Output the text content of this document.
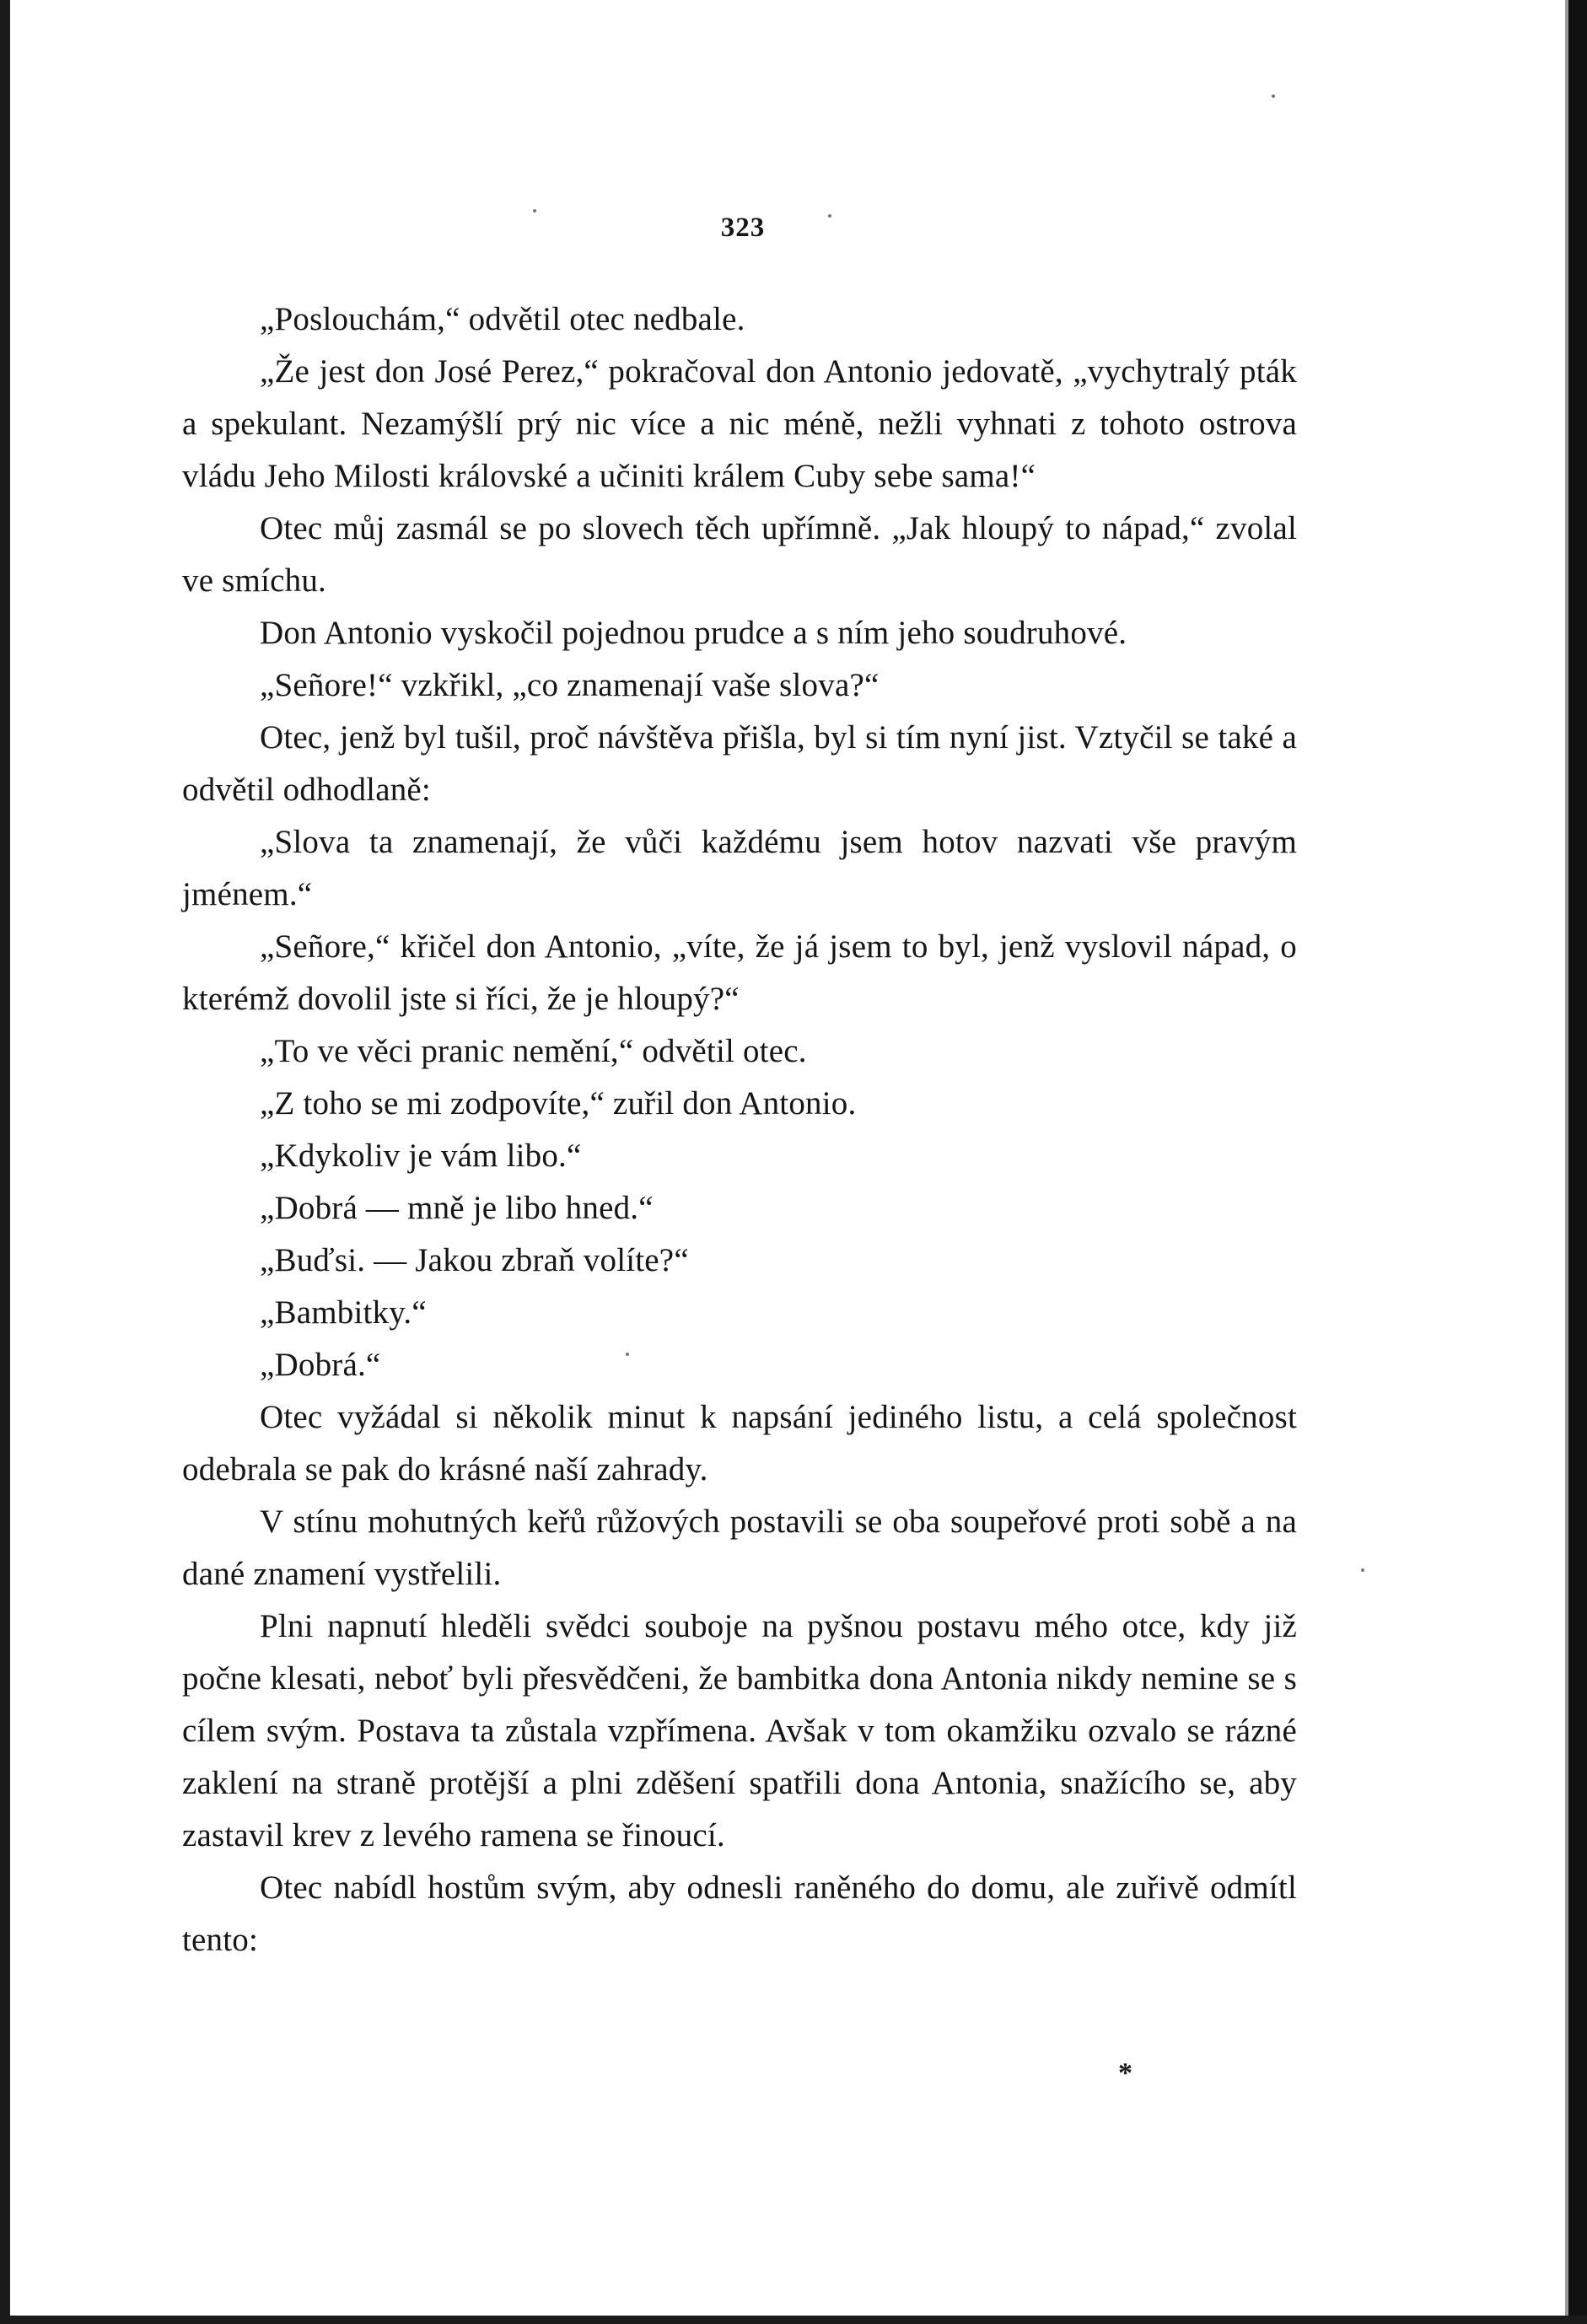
323

„Poslouchám,“ odvětil otec nedbale.

„Že jest don José Perez,“ pokračoval don Antonio jedovatě, „vychytralý pták a spekulant. Nezamýšlí prý nic více a nic méně, nežli vyhnati z tohoto ostrova vládu Jeho Milosti královské a učiniti králem Cuby sebe sama!“

Otec můj zasmál se po slovech těch upřímně. „Jak hloupý to nápad,“ zvolal ve smíchu.

Don Antonio vyskočil pojednou prudce a s ním jeho soudruhové.

„Señore!“ vzkřikl, „co znamenají vaše slova?“

Otec, jenž byl tušil, proč návštěva přišla, byl si tím nyní jist. Vztyčil se také a odvětil odhodlaně:

„Slova ta znamenají, že vůči každému jsem hotov nazvati vše pravým jménem.“

„Señore,“ křičel don Antonio, „víte, že já jsem to byl, jenž vyslovil nápad, o kterémž dovolil jste si říci, že je hloupý?“

„To ve věci pranic nemění,“ odvětil otec.

„Z toho se mi zodpovíte,“ zuřil don Antonio.

„Kdykoliv je vám libo.“

„Dobrá — mně je libo hned.“

„Buďsi. — Jakou zbraň volíte?“

„Bambitky.“

„Dobrá.“

Otec vyžádal si několik minut k napsání jediného listu, a celá společnost odebrala se pak do krásné naší zahrady.

V stínu mohutných keřů růžových postavili se oba soupeřové proti sobě a na dané znamení vystřelili.

Plni napnutí hleděli svědci souboje na pyšnou postavu mého otce, kdy již počne klesati, neboť byli přesvědčeni, že bambitka dona Antonia nikdy nemine se s cílem svým. Postava ta zůstala vzpřímena. Avšak v tom okamžiku ozvalo se rázné zaklení na straně protější a plni zděšení spatřili dona Antonia, snažícího se, aby zastavil krev z levého ramena se řinoucí.

Otec nabídl hostům svým, aby odnesli raněného do domu, ale zuřivě odmítl tento:

*
